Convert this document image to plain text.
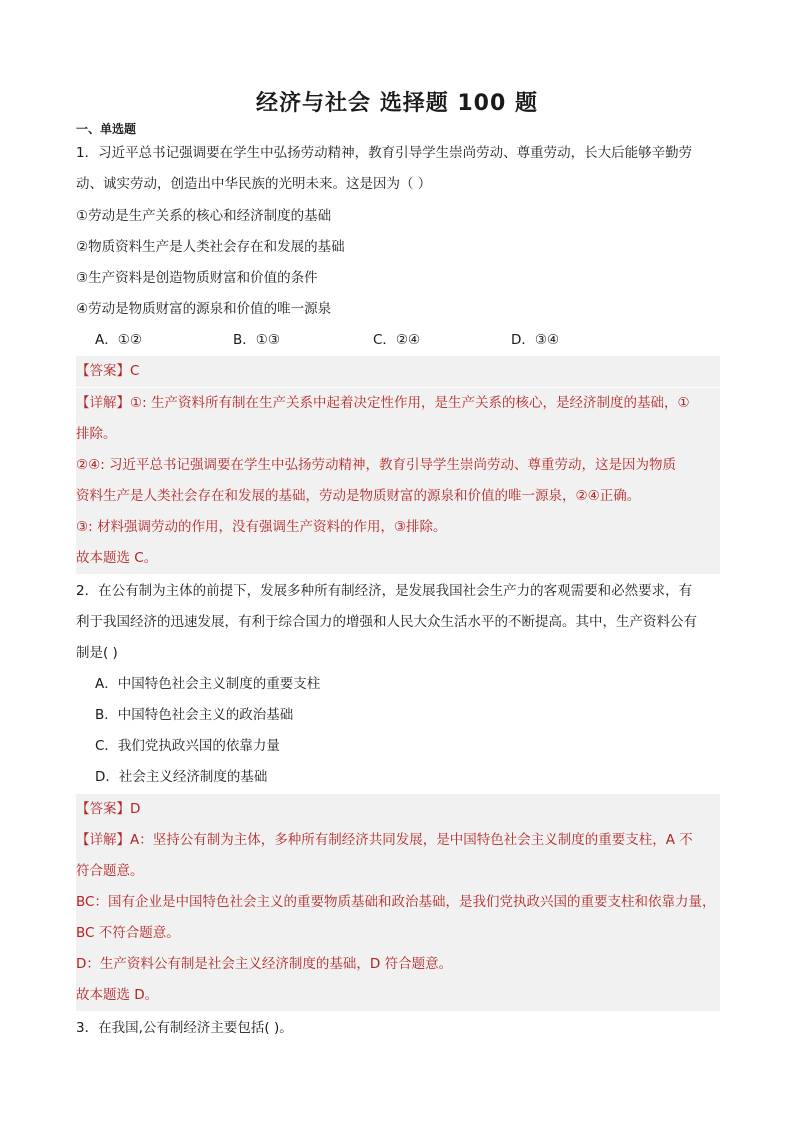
经济与社会 选择题 100 题
一、单选题
1．习近平总书记强调要在学生中弘扬劳动精神，教育引导学生崇尚劳动、尊重劳动，长大后能够辛勤劳
动、诚实劳动，创造出中华民族的光明未来。这是因为（ ）
①劳动是生产关系的核心和经济制度的基础
②物质资料生产是人类社会存在和发展的基础
③生产资料是创造物质财富和价值的条件
④劳动是物质财富的源泉和价值的唯一源泉
A．①②	B．①③	C．②④	D．③④
【答案】C
【详解】①: 生产资料所有制在生产关系中起着决定性作用，是生产关系的核心，是经济制度的基础，①
排除。
②④: 习近平总书记强调要在学生中弘扬劳动精神，教育引导学生崇尚劳动、尊重劳动，这是因为物质
资料生产是人类社会存在和发展的基础，劳动是物质财富的源泉和价值的唯一源泉，②④正确。
③: 材料强调劳动的作用，没有强调生产资料的作用，③排除。
故本题选 C。
2．在公有制为主体的前提下，发展多种所有制经济，是发展我国社会生产力的客观需要和必然要求，有
利于我国经济的迅速发展，有利于综合国力的增强和人民大众生活水平的不断提高。其中，生产资料公有
制是( )
A．中国特色社会主义制度的重要支柱
B．中国特色社会主义的政治基础
C．我们党执政兴国的依靠力量
D．社会主义经济制度的基础
【答案】D
【详解】A：坚持公有制为主体，多种所有制经济共同发展，是中国特色社会主义制度的重要支柱，A 不
符合题意。
BC：国有企业是中国特色社会主义的重要物质基础和政治基础，是我们党执政兴国的重要支柱和依靠力量，
BC 不符合题意。
D：生产资料公有制是社会主义经济制度的基础，D 符合题意。
故本题选 D。
3．在我国,公有制经济主要包括( )。
